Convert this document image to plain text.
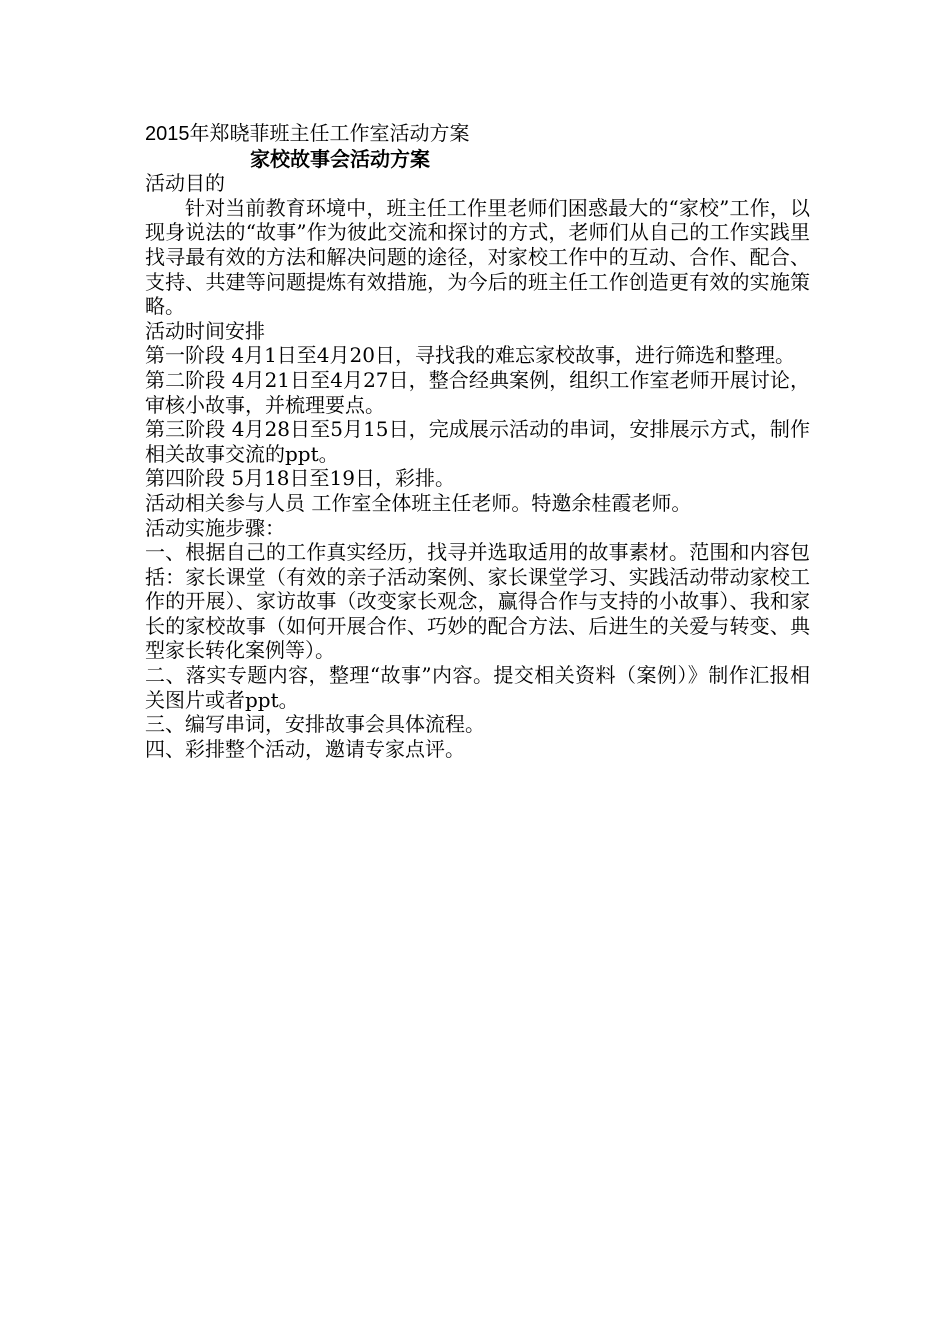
2015年郑晓菲班主任工作室活动方案

家校故事会活动方案

活动目的

针对当前教育环境中，班主任工作里老师们困惑最大的“家校”工作，以现身说法的“故事”作为彼此交流和探讨的方式，老师们从自己的工作实践里找寻最有效的方法和解决问题的途径，对家校工作中的互动、合作、配合、支持、共建等问题提炼有效措施，为今后的班主任工作创造更有效的实施策略。

活动时间安排

第一阶段 4月1日至4月20日，寻找我的难忘家校故事，进行筛选和整理。

第二阶段 4月21日至4月27日，整合经典案例，组织工作室老师开展讨论，审核小故事，并梳理要点。

第三阶段 4月28日至5月15日，完成展示活动的串词，安排展示方式，制作相关故事交流的ppt。

第四阶段 5月18日至19日，彩排。

活动相关参与人员 工作室全体班主任老师。特邀余桂霞老师。

活动实施步骤：

一、根据自己的工作真实经历，找寻并选取适用的故事素材。范围和内容包括：家长课堂（有效的亲子活动案例、家长课堂学习、实践活动带动家校工作的开展）、家访故事（改变家长观念，赢得合作与支持的小故事）、我和家长的家校故事（如何开展合作、巧妙的配合方法、后进生的关爱与转变、典型家长转化案例等）。

二、落实专题内容，整理“故事”内容。提交相关资料（案例）》制作汇报相关图片或者ppt。

三、编写串词，安排故事会具体流程。

四、彩排整个活动，邀请专家点评。
